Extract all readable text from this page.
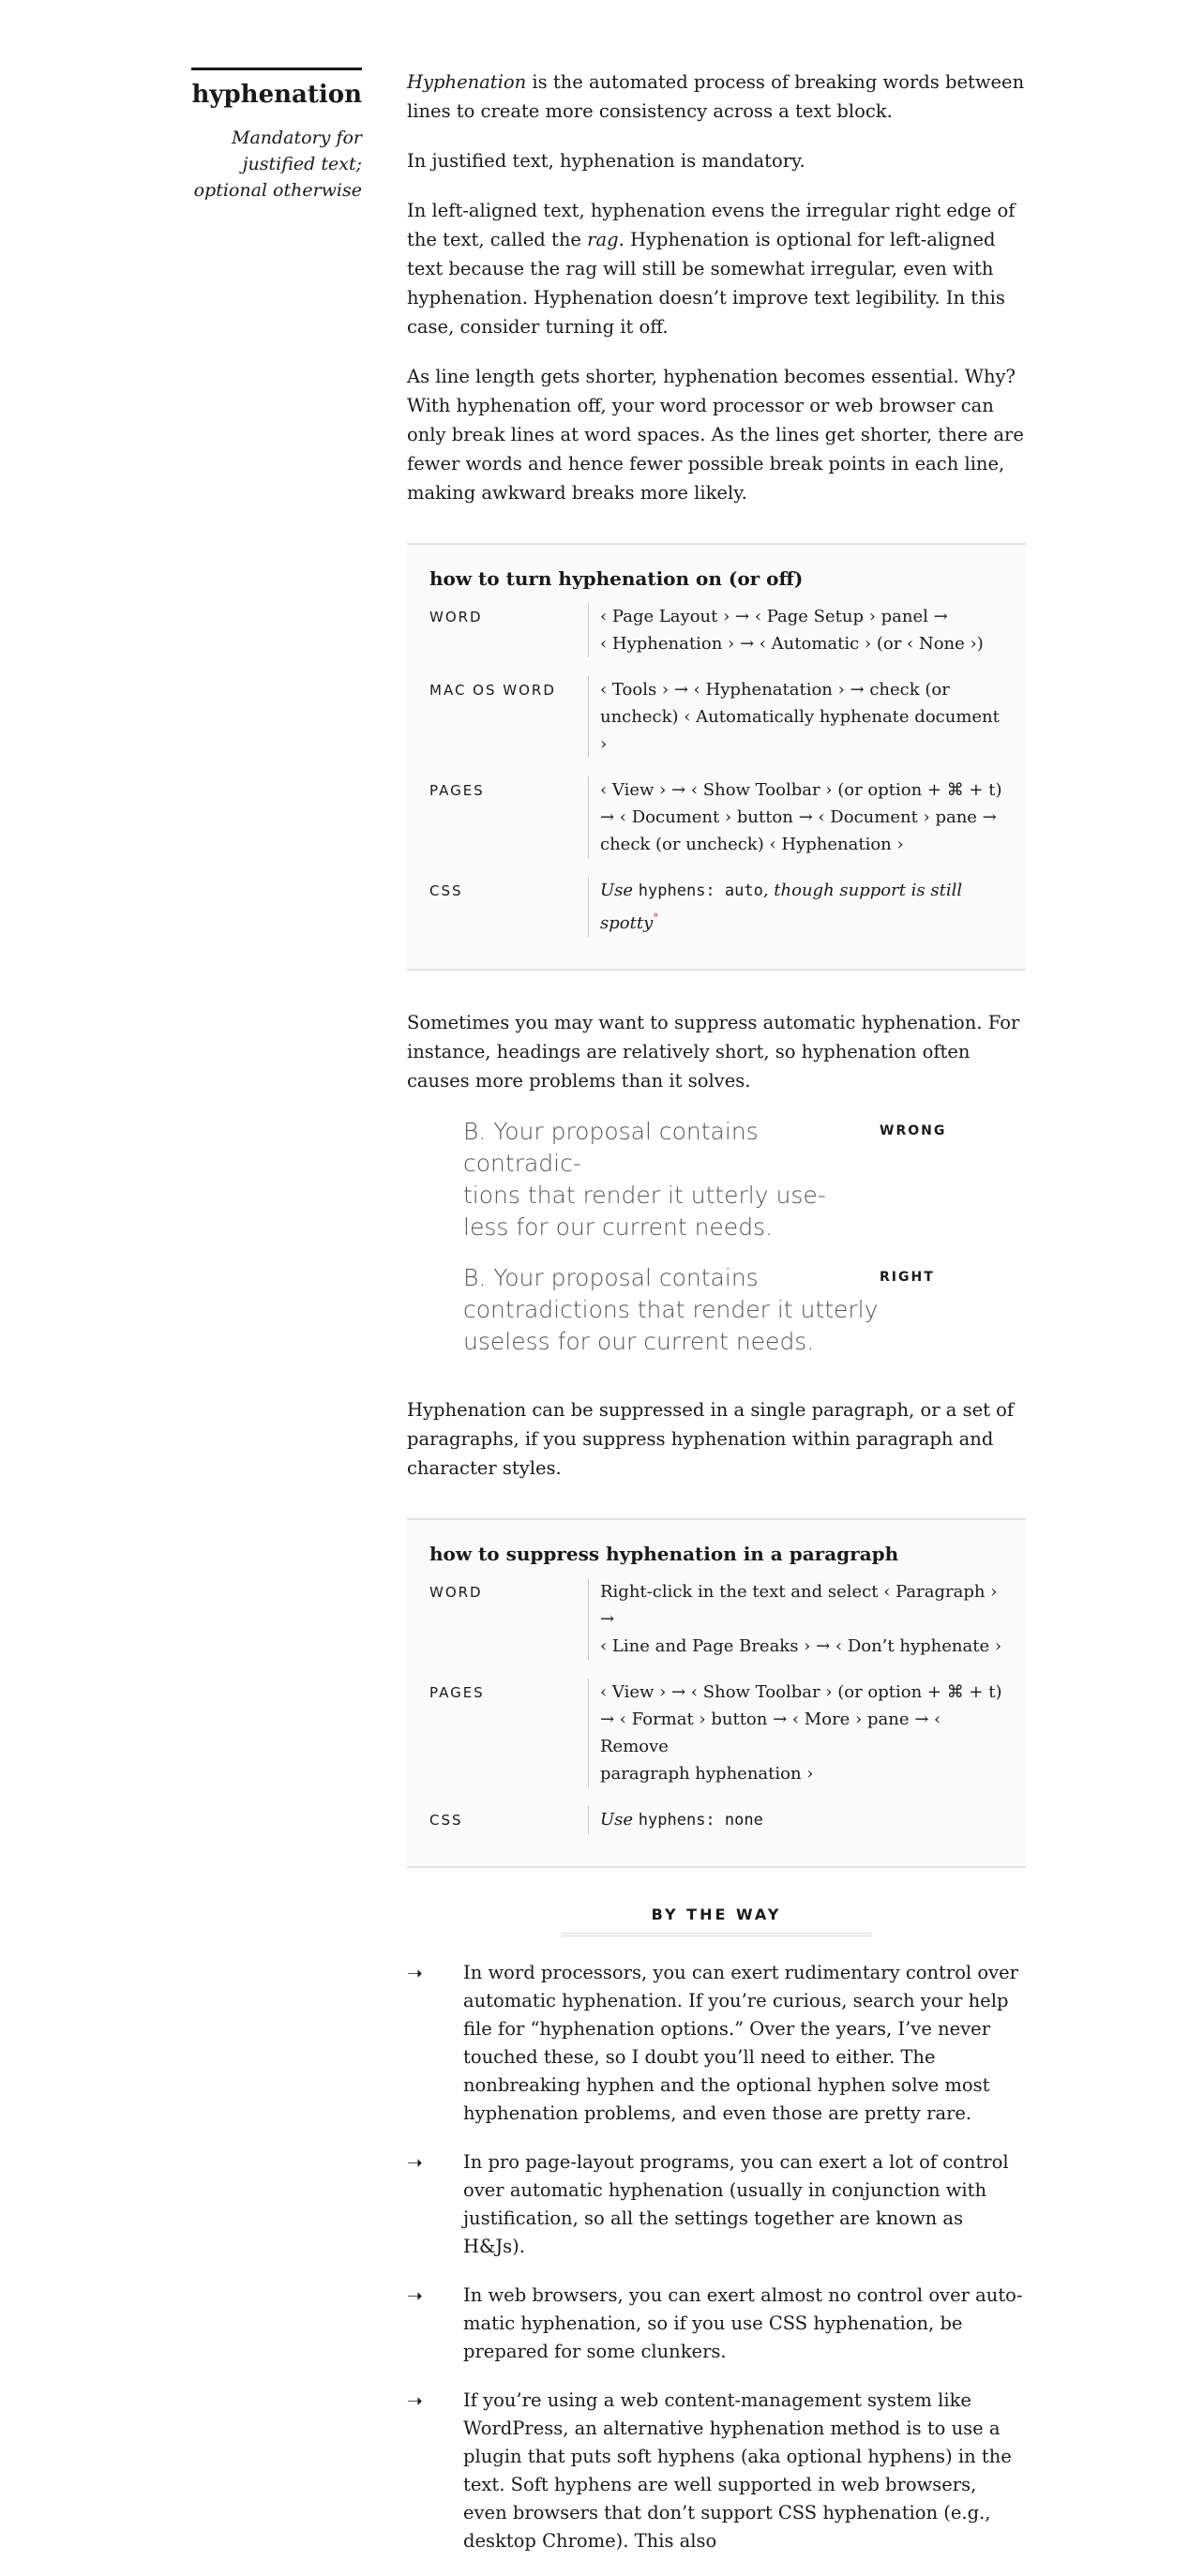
hyphenation
Mandatory for
justified text;
optional otherwise

Hyphenation is the automated process of breaking words between lines to create more consistency across a text block.

In justified text, hyphenation is mandatory.

In left-aligned text, hyphenation evens the irregular right edge of the text, called the rag. Hyphenation is optional for left-aligned text because the rag will still be somewhat irregular, even with hyphenation. Hyphenation doesn’t improve text legibility. In this case, consider turning it off.

As line length gets shorter, hyphenation becomes essential. Why? With hyphenation off, your word processor or web browser can only break lines at word spaces. As the lines get shorter, there are fewer words and hence fewer possible break points in each line, making awkward breaks more likely.

how to turn hyphenation on (or off)
WORD	‹ Page Layout › → ‹ Page Setup › panel →
‹ Hyphenation › → ‹ Automatic › (or ‹ None ›)
MAC OS WORD	‹ Tools › → ‹ Hyphenatation › → check (or
uncheck) ‹ Automatically hyphenate document ›
PAGES	‹ View › → ‹ Show Toolbar › (or option + ⌘ + t)
→ ‹ Document › button → ‹ Document › pane →
check (or uncheck) ‹ Hyphenation ›
CSS	Use hyphens: auto, though support is still
spotty°

Sometimes you may want to suppress automatic hyphenation. For instance, headings are relatively short, so hyphenation often causes more problems than it solves.

B. Your proposal contains contradic-
tions that render it utterly use-
less for our current needs.
WRONG
B. Your proposal contains
contradictions that render it utterly
useless for our current needs.
RIGHT

Hyphenation can be suppressed in a single paragraph, or a set of paragraphs, if you suppress hyphenation within paragraph and character styles.

how to suppress hyphenation in a paragraph
WORD	Right-click in the text and select ‹ Paragraph › →
‹ Line and Page Breaks › → ‹ Don’t hyphenate ›
PAGES	‹ View › → ‹ Show Toolbar › (or option + ⌘ + t)
→ ‹ Format › button → ‹ More › pane → ‹ Remove
paragraph hyphenation ›
CSS	Use hyphens: none
BY THE WAY
➝	In word processors, you can exert rudimentary control over automatic hyphenation. If you’re curious, search your help file for “hyphenation options.” Over the years, I’ve never touched these, so I doubt you’ll need to either. The nonbreaking hyphen and the optional hyphen solve most hyphenation problems, and even those are pretty rare.
➝	In pro page-layout programs, you can exert a lot of control over automatic hyphenation (usually in conjunction with justification, so all the settings together are known as H&Js).
➝	In web browsers, you can exert almost no control over automatic hyphenation, so if you use CSS hyphenation, be prepared for some clunkers.
➝	If you’re using a web content-management system like WordPress, an alternative hyphenation method is to use a plugin that puts soft hyphens (aka optional hyphens) in the text. Soft hyphens are well supported in web browsers, even browsers that don’t support CSS hyphenation (e.g., desktop Chrome). This also
